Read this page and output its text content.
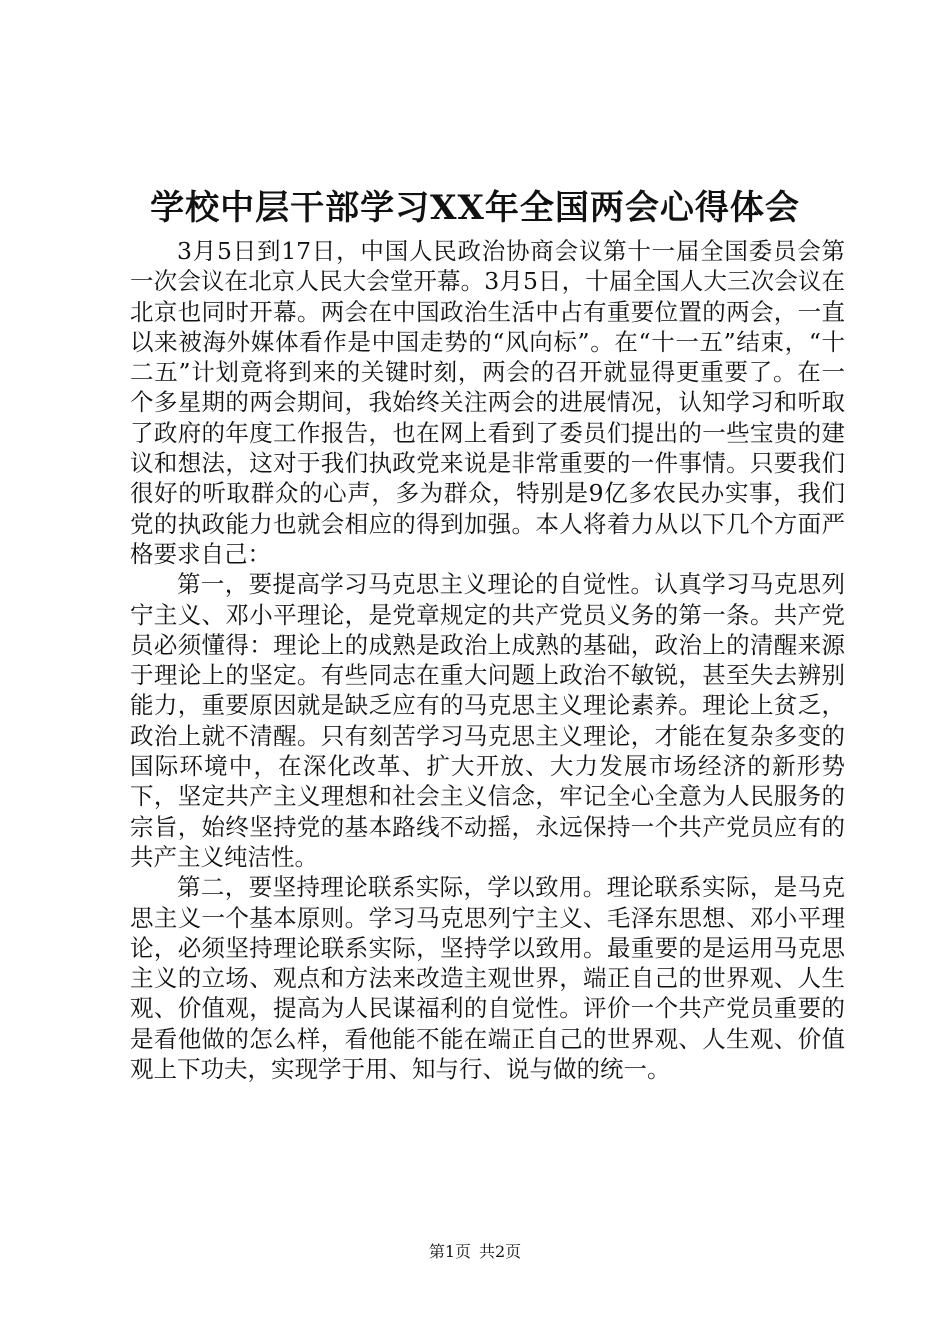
学校中层干部学习XX年全国两会心得体会

3月5日到17日，中国人民政治协商会议第十一届全国委员会第一次会议在北京人民大会堂开幕。3月5日，十届全国人大三次会议在北京也同时开幕。两会在中国政治生活中占有重要位置的两会，一直以来被海外媒体看作是中国走势的“风向标”。在“十一五”结束，“十二五”计划竟将到来的关键时刻，两会的召开就显得更重要了。在一个多星期的两会期间，我始终关注两会的进展情况，认知学习和听取了政府的年度工作报告，也在网上看到了委员们提出的一些宝贵的建议和想法，这对于我们执政党来说是非常重要的一件事情。只要我们很好的听取群众的心声，多为群众，特别是9亿多农民办实事，我们党的执政能力也就会相应的得到加强。本人将着力从以下几个方面严格要求自己：

第一，要提高学习马克思主义理论的自觉性。认真学习马克思列宁主义、邓小平理论，是党章规定的共产党员义务的第一条。共产党员必须懂得：理论上的成熟是政治上成熟的基础，政治上的清醒来源于理论上的坚定。有些同志在重大问题上政治不敏锐，甚至失去辨别能力，重要原因就是缺乏应有的马克思主义理论素养。理论上贫乏，政治上就不清醒。只有刻苦学习马克思主义理论，才能在复杂多变的国际环境中，在深化改革、扩大开放、大力发展市场经济的新形势下，坚定共产主义理想和社会主义信念，牢记全心全意为人民服务的宗旨，始终坚持党的基本路线不动摇，永远保持一个共产党员应有的共产主义纯洁性。

第二，要坚持理论联系实际，学以致用。理论联系实际，是马克思主义一个基本原则。学习马克思列宁主义、毛泽东思想、邓小平理论，必须坚持理论联系实际，坚持学以致用。最重要的是运用马克思主义的立场、观点和方法来改造主观世界，端正自己的世界观、人生观、价值观，提高为人民谋福利的自觉性。评价一个共产党员重要的是看他做的怎么样，看他能不能在端正自己的世界观、人生观、价值观上下功夫，实现学于用、知与行、说与做的统一。

第1页 共2页
